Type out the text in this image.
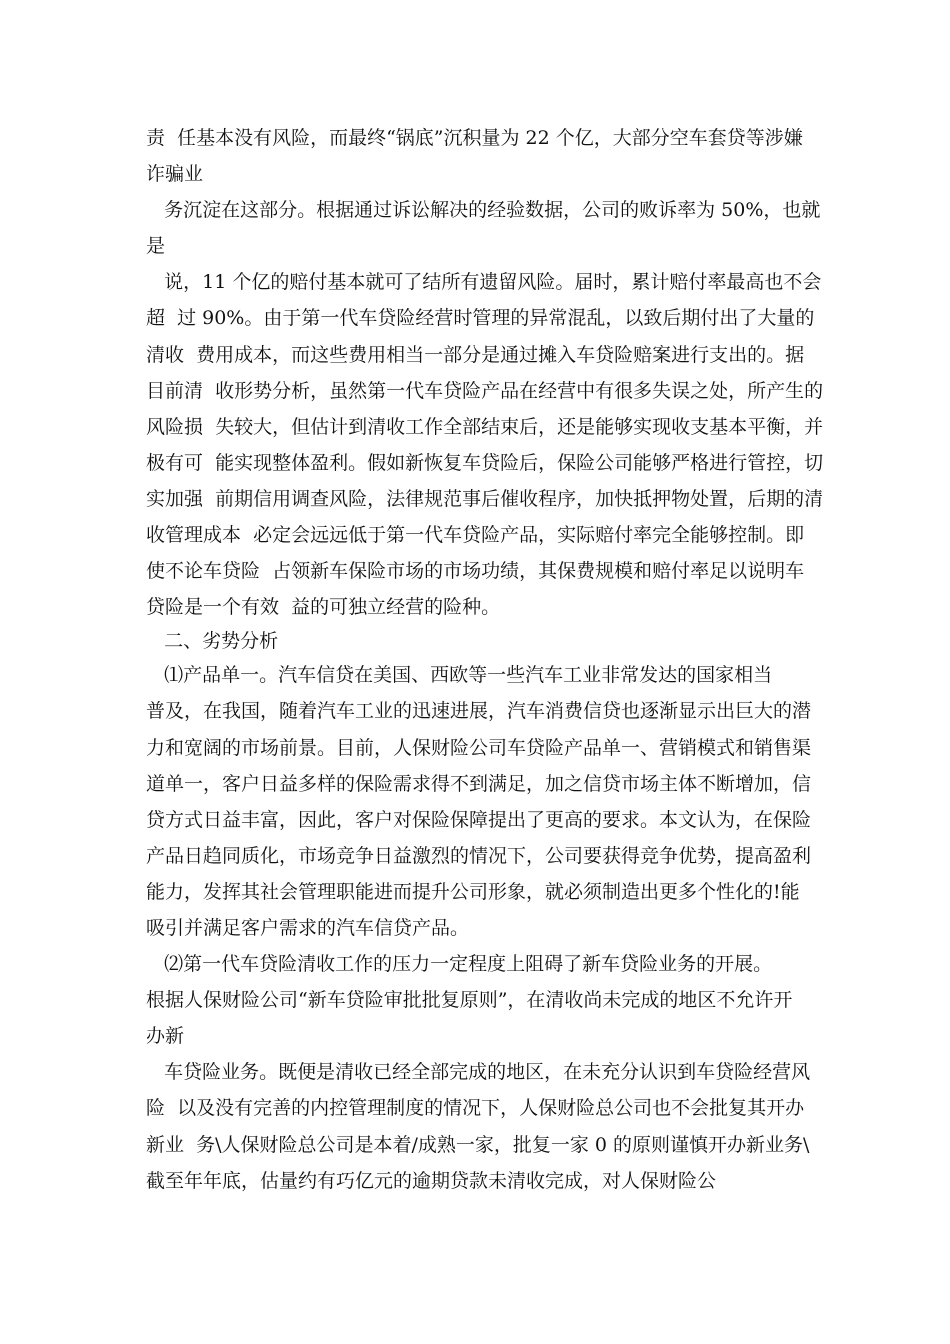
责  任基本没有风险，而最终“锅底”沉积量为 22 个亿，大部分空车套贷等涉嫌
诈骗业
务沉淀在这部分。根据通过诉讼解决的经验数据，公司的败诉率为 50%，也就
是
说，11 个亿的赔付基本就可了结所有遗留风险。届时，累计赔付率最高也不会
超  过 90%。由于第一代车贷险经营时管理的异常混乱，以致后期付出了大量的
清收  费用成本，而这些费用相当一部分是通过摊入车贷险赔案进行支出的。据
目前清  收形势分析，虽然第一代车贷险产品在经营中有很多失误之处，所产生的
风险损  失较大，但估计到清收工作全部结束后，还是能够实现收支基本平衡，并
极有可  能实现整体盈利。假如新恢复车贷险后，保险公司能够严格进行管控，切
实加强  前期信用调查风险，法律规范事后催收程序，加快抵押物处置，后期的清
收管理成本  必定会远远低于第一代车贷险产品，实际赔付率完全能够控制。即
使不论车贷险  占领新车保险市场的市场功绩，其保费规模和赔付率足以说明车
贷险是一个有效  益的可独立经营的险种。
二、劣势分析
⑴产品单一。汽车信贷在美国、西欧等一些汽车工业非常发达的国家相当
普及，在我国，随着汽车工业的迅速进展，汽车消费信贷也逐渐显示出巨大的潜
力和宽阔的市场前景。目前，人保财险公司车贷险产品单一、营销模式和销售渠
道单一，客户日益多样的保险需求得不到满足，加之信贷市场主体不断增加，信
贷方式日益丰富，因此，客户对保险保障提出了更高的要求。本文认为，在保险
产品日趋同质化，市场竞争日益激烈的情况下，公司要获得竞争优势，提高盈利
能力，发挥其社会管理职能进而提升公司形象，就必须制造出更多个性化的!能
吸引并满足客户需求的汽车信贷产品。
⑵第一代车贷险清收工作的压力一定程度上阻碍了新车贷险业务的开展。
根据人保财险公司“新车贷险审批批复原则”，在清收尚未完成的地区不允许开
办新
车贷险业务。既便是清收已经全部完成的地区，在未充分认识到车贷险经营风
险  以及没有完善的内控管理制度的情况下，人保财险总公司也不会批复其开办
新业  务\人保财险总公司是本着/成熟一家，批复一家 0 的原则谨慎开办新业务\
截至年年底，估量约有巧亿元的逾期贷款未清收完成，对人保财险公
